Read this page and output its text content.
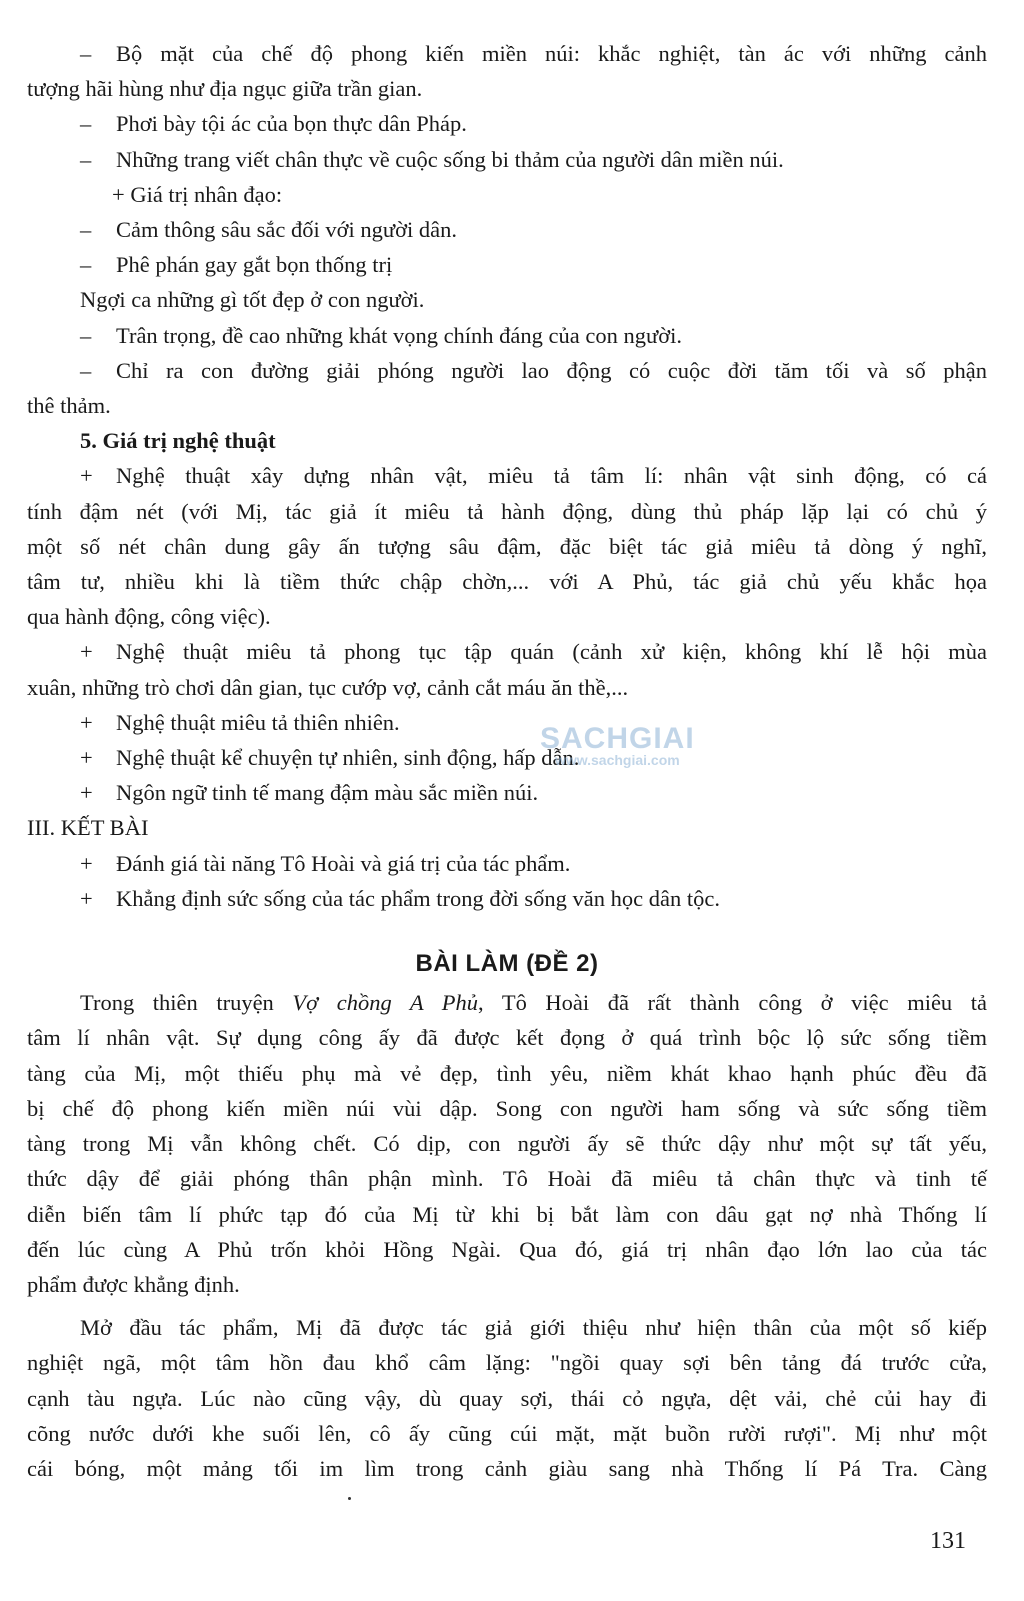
– Bộ mặt của chế độ phong kiến miền núi: khắc nghiệt, tàn ác với những cảnh
tượng hãi hùng như địa ngục giữa trần gian.
– Phơi bày tội ác của bọn thực dân Pháp.
– Những trang viết chân thực về cuộc sống bi thảm của người dân miền núi.
+ Giá trị nhân đạo:
– Cảm thông sâu sắc đối với người dân.
– Phê phán gay gắt bọn thống trị
Ngợi ca những gì tốt đẹp ở con người.
– Trân trọng, đề cao những khát vọng chính đáng của con người.
– Chỉ ra con đường giải phóng người lao động có cuộc đời tăm tối và số phận
thê thảm.
5. Giá trị nghệ thuật
+ Nghệ thuật xây dựng nhân vật, miêu tả tâm lí: nhân vật sinh động, có cá
tính đậm nét (với Mị, tác giả ít miêu tả hành động, dùng thủ pháp lặp lại có chủ ý
một số nét chân dung gây ấn tượng sâu đậm, đặc biệt tác giả miêu tả dòng ý nghĩ,
tâm tư, nhiều khi là tiềm thức chập chờn,... với A Phủ, tác giả chủ yếu khắc họa
qua hành động, công việc).
+ Nghệ thuật miêu tả phong tục tập quán (cảnh xử kiện, không khí lễ hội mùa
xuân, những trò chơi dân gian, tục cướp vợ, cảnh cắt máu ăn thề,...
+ Nghệ thuật miêu tả thiên nhiên.
+ Nghệ thuật kể chuyện tự nhiên, sinh động, hấp dẫn.
+ Ngôn ngữ tinh tế mang đậm màu sắc miền núi.
III. KẾT BÀI
+ Đánh giá tài năng Tô Hoài và giá trị của tác phẩm.
+ Khẳng định sức sống của tác phẩm trong đời sống văn học dân tộc.
BÀI LÀM (ĐỀ 2)
Trong thiên truyện Vợ chồng A Phủ, Tô Hoài đã rất thành công ở việc miêu tả
tâm lí nhân vật. Sự dụng công ấy đã được kết đọng ở quá trình bộc lộ sức sống tiềm
tàng của Mị, một thiếu phụ mà vẻ đẹp, tình yêu, niềm khát khao hạnh phúc đều đã
bị chế độ phong kiến miền núi vùi dập. Song con người ham sống và sức sống tiềm
tàng trong Mị vẫn không chết. Có dịp, con người ấy sẽ thức dậy như một sự tất yếu,
thức dậy để giải phóng thân phận mình. Tô Hoài đã miêu tả chân thực và tinh tế
diễn biến tâm lí phức tạp đó của Mị từ khi bị bắt làm con dâu gạt nợ nhà Thống lí
đến lúc cùng A Phủ trốn khỏi Hồng Ngài. Qua đó, giá trị nhân đạo lớn lao của tác
phẩm được khẳng định.
Mở đầu tác phẩm, Mị đã được tác giả giới thiệu như hiện thân của một số kiếp
nghiệt ngã, một tâm hồn đau khổ câm lặng: "ngồi quay sợi bên tảng đá trước cửa,
cạnh tàu ngựa. Lúc nào cũng vậy, dù quay sợi, thái cỏ ngựa, dệt vải, chẻ củi hay đi
cõng nước dưới khe suối lên, cô ấy cũng cúi mặt, mặt buồn rười rượi". Mị như một
cái bóng, một mảng tối im lìm trong cảnh giàu sang nhà Thống lí Pá Tra. Càng
SACHGIAI
www.sachgiai.com
131
